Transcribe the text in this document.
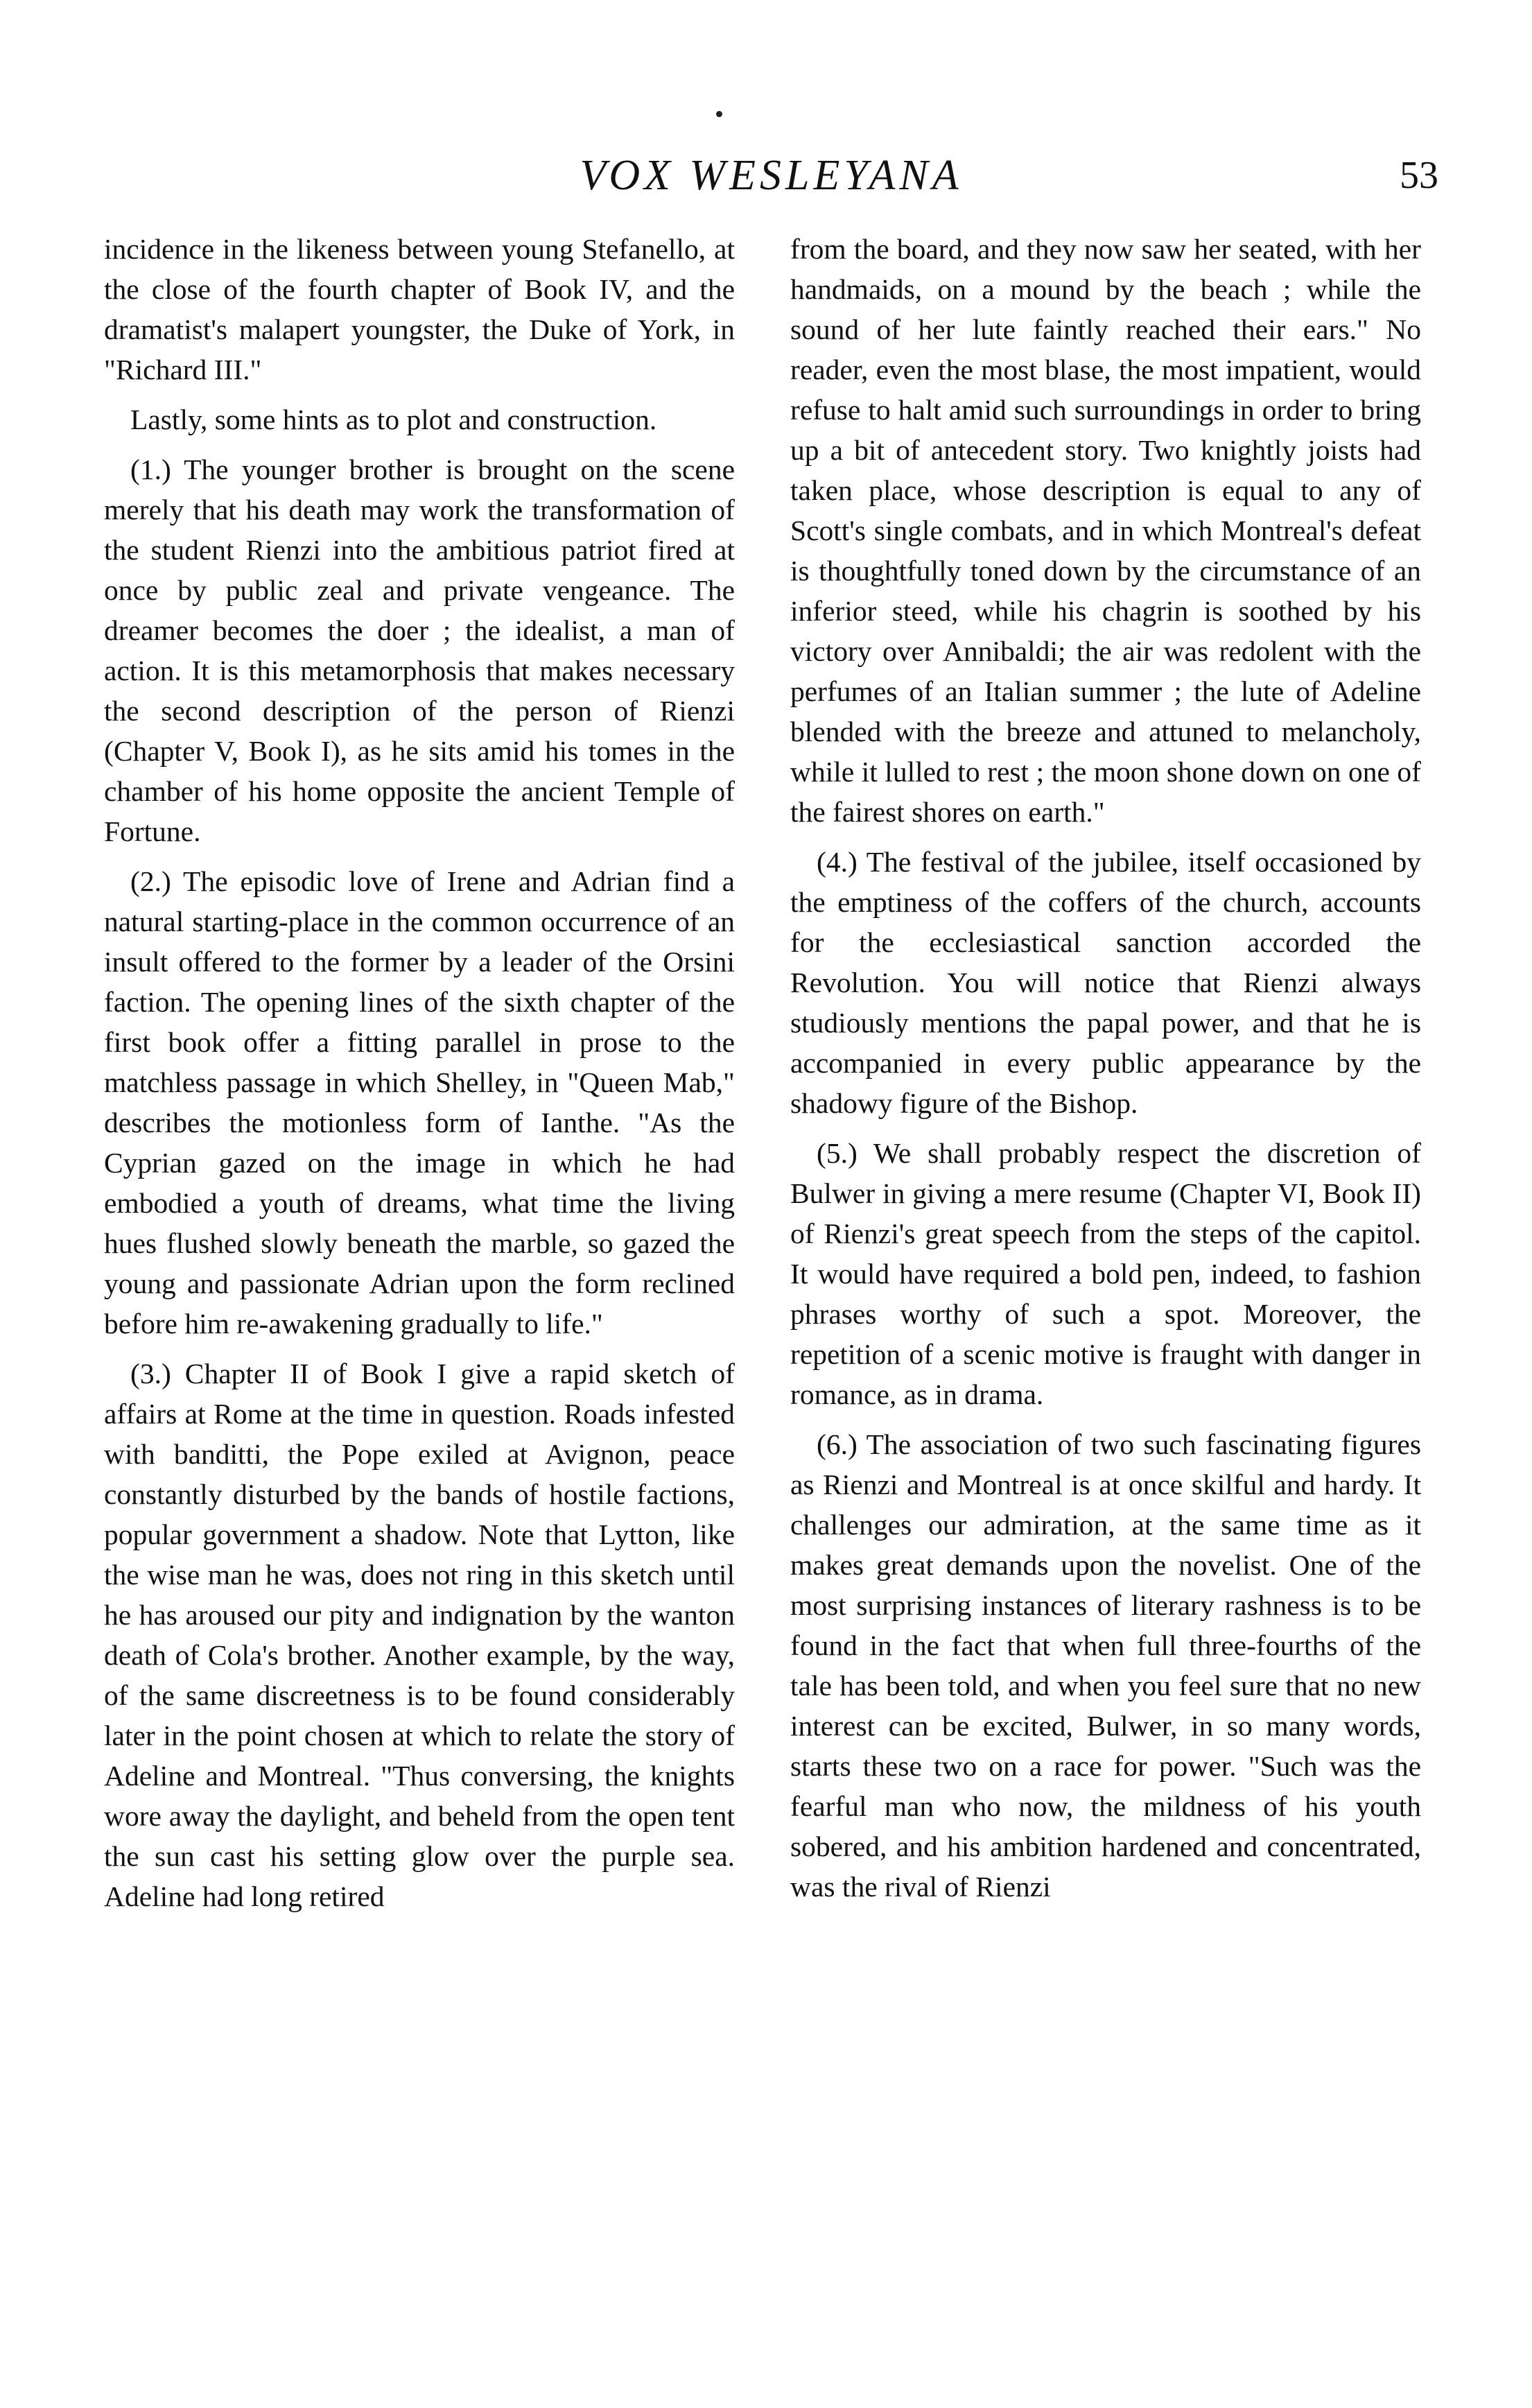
VOX WESLEYANA	53

incidence in the likeness between young Stefanello, at the close of the fourth chapter of Book IV, and the dramatist's malapert youngster, the Duke of York, in "Richard III."

Lastly, some hints as to plot and construction.

(1.) The younger brother is brought on the scene merely that his death may work the transformation of the student Rienzi into the ambitious patriot fired at once by public zeal and private vengeance. The dreamer becomes the doer ; the idealist, a man of action. It is this metamorphosis that makes necessary the second description of the person of Rienzi (Chapter V, Book I), as he sits amid his tomes in the chamber of his home opposite the ancient Temple of Fortune.

(2.) The episodic love of Irene and Adrian find a natural starting-place in the common occurrence of an insult offered to the former by a leader of the Orsini faction. The opening lines of the sixth chapter of the first book offer a fitting parallel in prose to the matchless passage in which Shelley, in "Queen Mab," describes the motionless form of Ianthe. "As the Cyprian gazed on the image in which he had embodied a youth of dreams, what time the living hues flushed slowly beneath the marble, so gazed the young and passionate Adrian upon the form reclined before him re-awakening gradually to life."

(3.) Chapter II of Book I give a rapid sketch of affairs at Rome at the time in question. Roads infested with banditti, the Pope exiled at Avignon, peace constantly disturbed by the bands of hostile factions, popular government a shadow. Note that Lytton, like the wise man he was, does not ring in this sketch until he has aroused our pity and indignation by the wanton death of Cola's brother. Another example, by the way, of the same discreetness is to be found considerably later in the point chosen at which to relate the story of Adeline and Montreal. "Thus conversing, the knights wore away the daylight, and beheld from the open tent the sun cast his setting glow over the purple sea. Adeline had long retired

from the board, and they now saw her seated, with her handmaids, on a mound by the beach ; while the sound of her lute faintly reached their ears." No reader, even the most blase, the most impatient, would refuse to halt amid such surroundings in order to bring up a bit of antecedent story. Two knightly joists had taken place, whose description is equal to any of Scott's single combats, and in which Montreal's defeat is thoughtfully toned down by the circumstance of an inferior steed, while his chagrin is soothed by his victory over Annibaldi; the air was redolent with the perfumes of an Italian summer ; the lute of Adeline blended with the breeze and attuned to melancholy, while it lulled to rest ; the moon shone down on one of the fairest shores on earth."

(4.) The festival of the jubilee, itself occasioned by the emptiness of the coffers of the church, accounts for the ecclesiastical sanction accorded the Revolution. You will notice that Rienzi always studiously mentions the papal power, and that he is accompanied in every public appearance by the shadowy figure of the Bishop.

(5.) We shall probably respect the discretion of Bulwer in giving a mere resume (Chapter VI, Book II) of Rienzi's great speech from the steps of the capitol. It would have required a bold pen, indeed, to fashion phrases worthy of such a spot. Moreover, the repetition of a scenic motive is fraught with danger in romance, as in drama.

(6.) The association of two such fascinating figures as Rienzi and Montreal is at once skilful and hardy. It challenges our admiration, at the same time as it makes great demands upon the novelist. One of the most surprising instances of literary rashness is to be found in the fact that when full three-fourths of the tale has been told, and when you feel sure that no new interest can be excited, Bulwer, in so many words, starts these two on a race for power. "Such was the fearful man who now, the mildness of his youth sobered, and his ambition hardened and concentrated, was the rival of Rienzi
